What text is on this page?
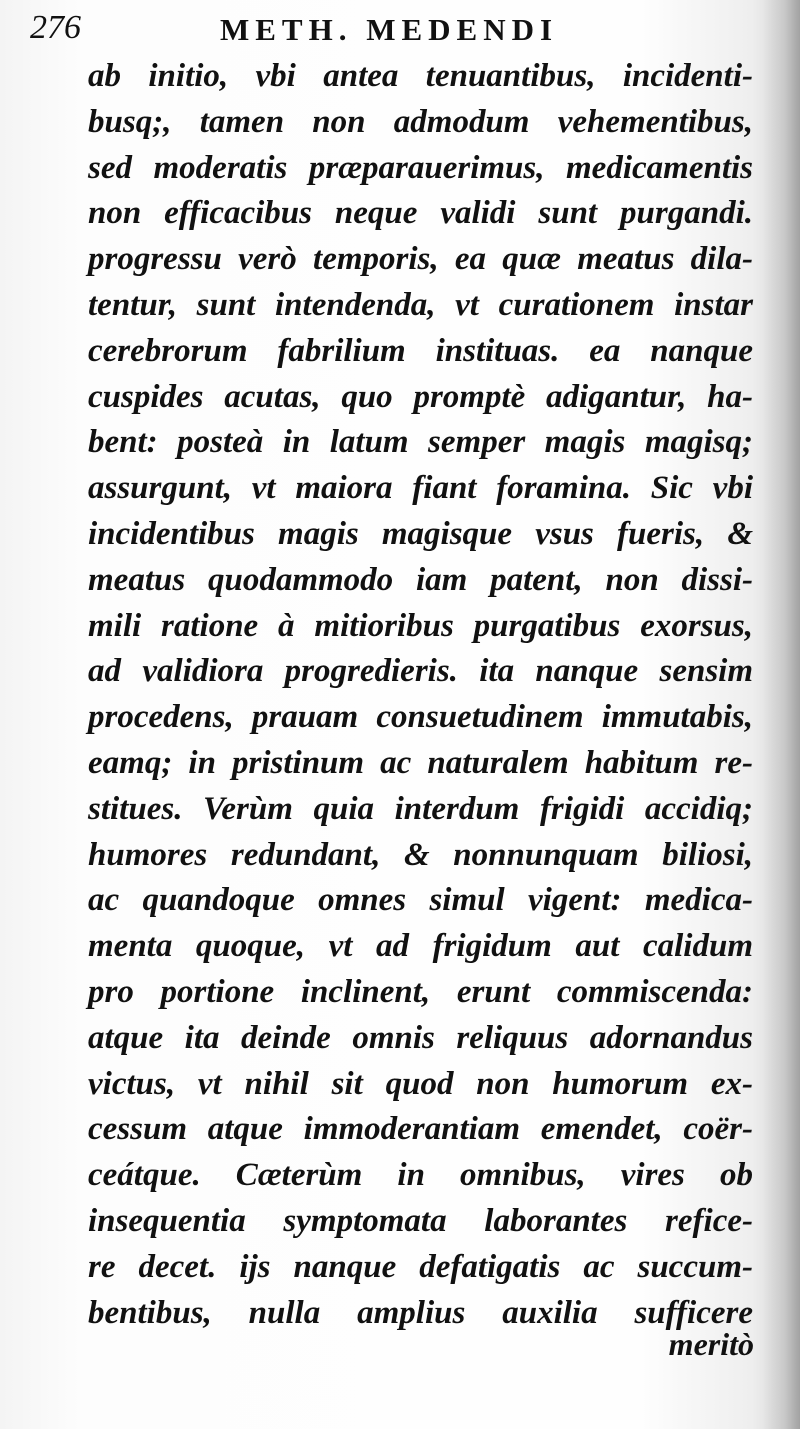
276	METH. MEDENDI
ab initio, vbi antea tenuantibus, incidenti-
busq;, tamen non admodum vehementibus,
sed moderatis præparauerimus, medicamentis
non efficacibus neque validi sunt purgandi.
progressu verò temporis, ea quæ meatus dila-
tentur, sunt intendenda, vt curationem instar
cerebrorum fabrilium instituas. ea nanque
cuspides acutas, quo promptè adigantur, ha-
bent: posteà in latum semper magis magisq;
assurgunt, vt maiora fiant foramina. Sic vbi
incidentibus magis magisque vsus fueris, &
meatus quodammodo iam patent, non dissi-
mili ratione à mitioribus purgatibus exorsus,
ad validiora progredieris. ita nanque sensim
procedens, prauam consuetudinem immutabis,
eamq; in pristinum ac naturalem habitum re-
stitues. Verùm quia interdum frigidi accidiq;
humores redundant, & nonnunquam biliosi,
ac quandoque omnes simul vigent: medica-
menta quoque, vt ad frigidum aut calidum
pro portione inclinent, erunt commiscenda:
atque ita deinde omnis reliquus adornandus
victus, vt nihil sit quod non humorum ex-
cessum atque immoderantiam emendet, coër-
ceátque. Cæterùm in omnibus, vires ob
insequentia symptomata laborantes refice-
re decet. ijs nanque defatigatis ac succum-
bentibus, nulla amplius auxilia sufficere
meritò
